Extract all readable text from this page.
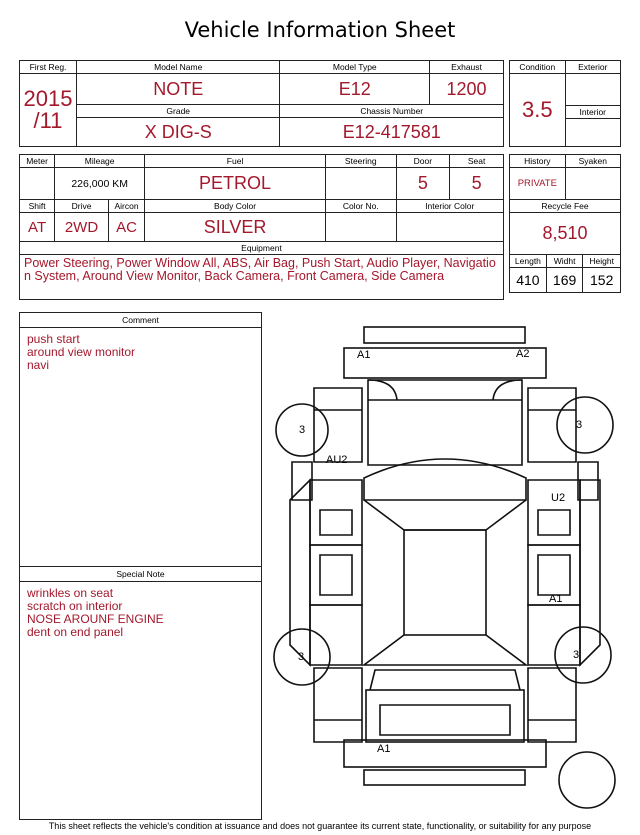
Vehicle Information Sheet
First Reg.	Model Name	Model Type	Exhaust

2015
/11	NOTE	E12	1200
	Grade	Chassis Number	
	X DIG-S	E12-417581	
Condition	Exterior
3.5	
	Interior

Meter	Mileage		Fuel	Steering	Door	Seat
	226,000 KM		PETROL		5	5
Shift	Drive	Aircon	Body Color	Color No.	Interior Color	
AT	2WD	AC	SILVER			
Equipment						
Power Steering, Power Window All, ABS, Air Bag, Push Start, Audio Player, Navigatio n System, Around View Monitor, Back Camera, Front Camera, Side Camera						
History		Syaken	
PRIVATE			
Recycle Fee			
8,510			
Length	Widht		Height
410	169		152
Comment
push start
around view monitor
navi
Special Note
wrinkles on seat
scratch on interior
NOSE AROUNF ENGINE
dent on end panel
A1	A2
AU2
U2
A1
A1
3	3
3	3
This sheet reflects the vehicle's condition at issuance and does not guarantee its current state, functionality, or suitability for any purpose
